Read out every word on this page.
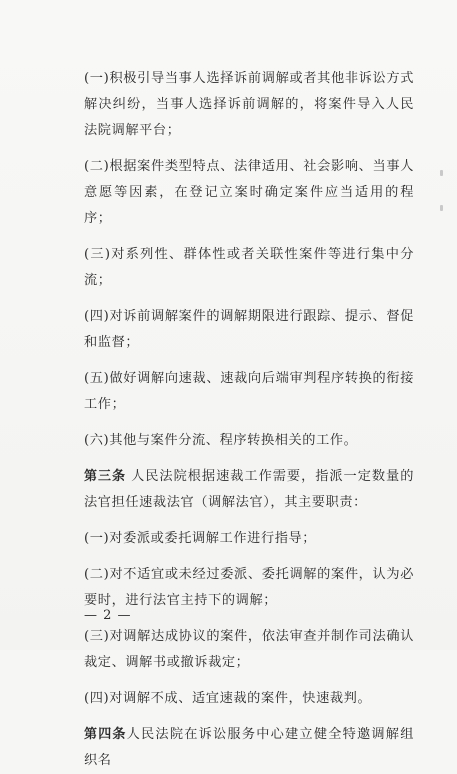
(一)积极引导当事人选择诉前调解或者其他非诉讼方式解决纠纷，当事人选择诉前调解的，将案件导入人民法院调解平台；

(二)根据案件类型特点、法律适用、社会影响、当事人意愿等因素，在登记立案时确定案件应当适用的程序；

(三)对系列性、群体性或者关联性案件等进行集中分流；

(四)对诉前调解案件的调解期限进行跟踪、提示、督促和监督；

(五)做好调解向速裁、速裁向后端审判程序转换的衔接工作；

(六)其他与案件分流、程序转换相关的工作。

第三条 人民法院根据速裁工作需要，指派一定数量的法官担任速裁法官（调解法官），其主要职责：

(一)对委派或委托调解工作进行指导；

(二)对不适宜或未经过委派、委托调解的案件，认为必要时，进行法官主持下的调解；

(三)对调解达成协议的案件，依法审查并制作司法确认裁定、调解书或撤诉裁定；

(四)对调解不成、适宜速裁的案件，快速裁判。

第四条人民法院在诉讼服务中心建立健全特邀调解组织名

— 2 —
